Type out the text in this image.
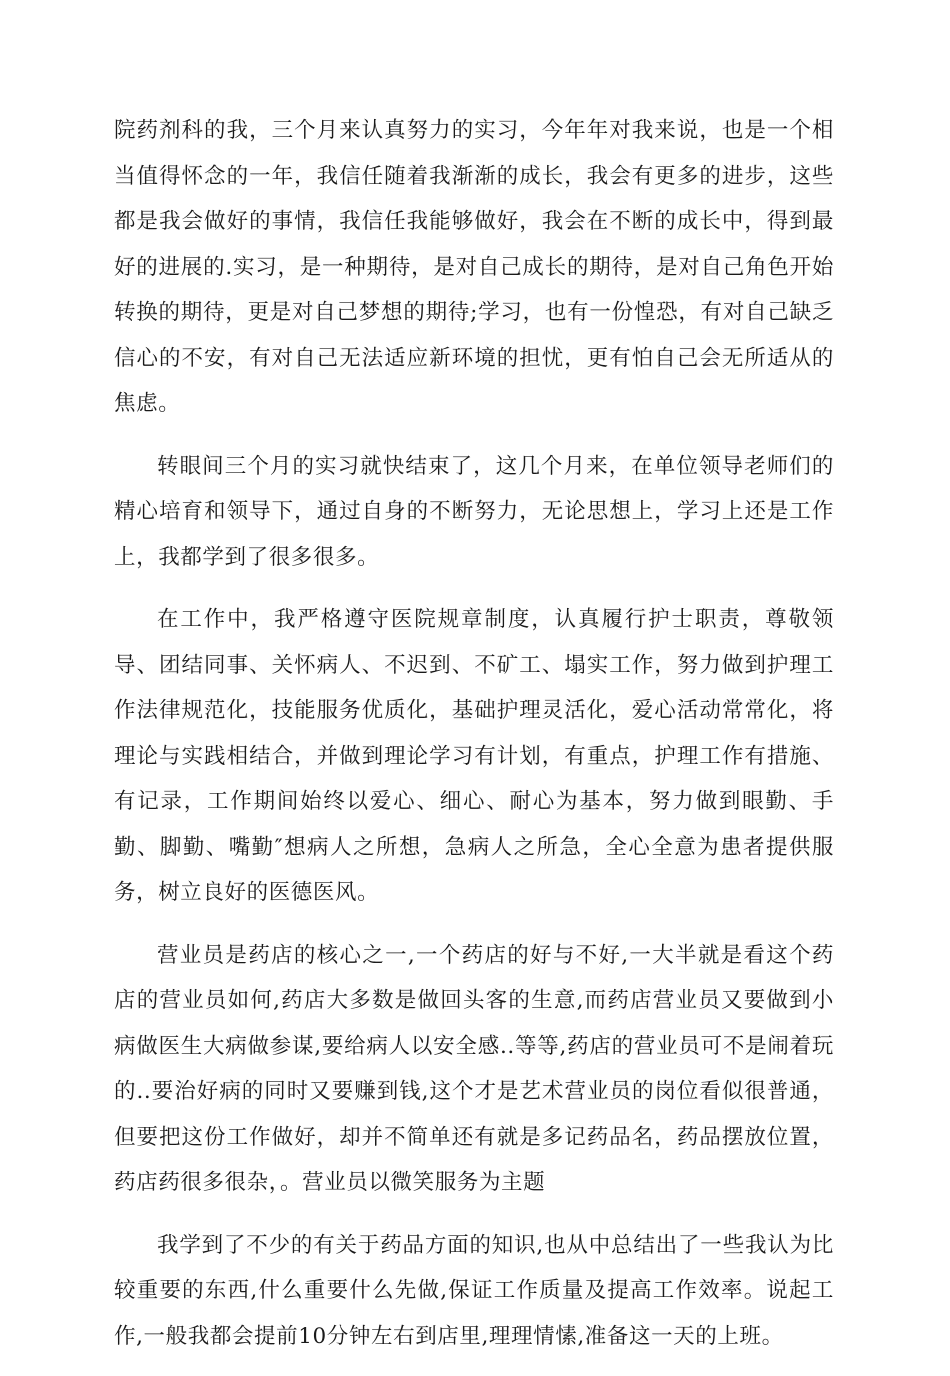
院药剂科的我，三个月来认真努力的实习，今年年对我来说，也是一个相当值得怀念的一年，我信任随着我渐渐的成长，我会有更多的进步，这些都是我会做好的事情，我信任我能够做好，我会在不断的成长中，得到最好的进展的.实习，是一种期待，是对自己成长的期待，是对自己角色开始转换的期待，更是对自己梦想的期待;学习，也有一份惶恐，有对自己缺乏信心的不安，有对自己无法适应新环境的担忧，更有怕自己会无所适从的焦虑。

转眼间三个月的实习就快结束了，这几个月来，在单位领导老师们的精心培育和领导下，通过自身的不断努力，无论思想上，学习上还是工作上，我都学到了很多很多。

在工作中，我严格遵守医院规章制度，认真履行护士职责，尊敬领导、团结同事、关怀病人、不迟到、不矿工、塌实工作，努力做到护理工作法律规范化，技能服务优质化，基础护理灵活化，爱心活动常常化，将理论与实践相结合，并做到理论学习有计划，有重点，护理工作有措施、有记录，工作期间始终以爱心、细心、耐心为基本，努力做到眼勤、手勤、脚勤、嘴勤″想病人之所想，急病人之所急，全心全意为患者提供服务，树立良好的医德医风。

营业员是药店的核心之一,一个药店的好与不好,一大半就是看这个药店的营业员如何,药店大多数是做回头客的生意,而药店营业员又要做到小病做医生大病做参谋,要给病人以安全感..等等,药店的营业员可不是闹着玩的..要治好病的同时又要赚到钱,这个才是艺术营业员的岗位看似很普通，但要把这份工作做好，却并不简单还有就是多记药品名，药品摆放位置，药店药很多很杂，。营业员以微笑服务为主题

我学到了不少的有关于药品方面的知识,也从中总结出了一些我认为比较重要的东西,什么重要什么先做,保证工作质量及提高工作效率。说起工作,一般我都会提前10分钟左右到店里,理理情愫,准备这一天的上班。
